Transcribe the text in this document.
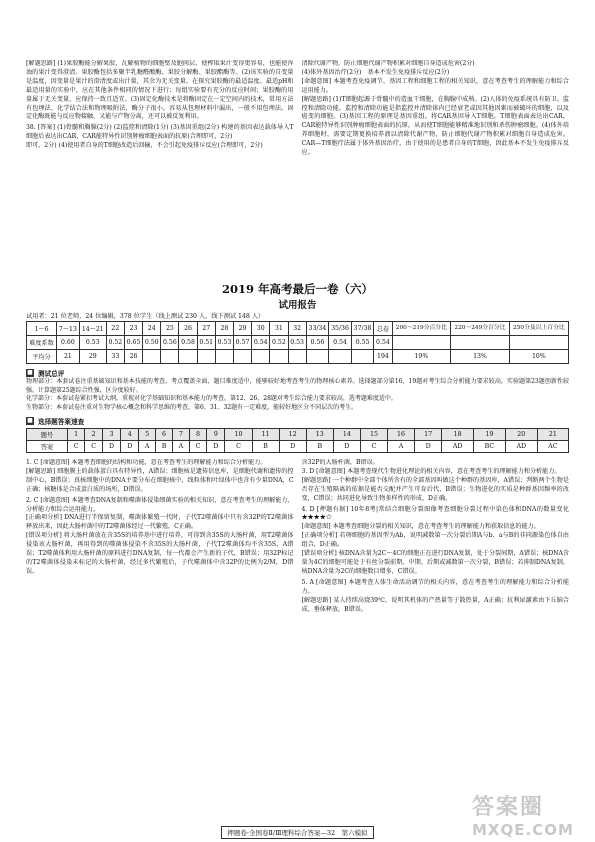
[解题思路] (1)果胶酶能分解果胶，瓦解植物的细胞壁及胞间层，使榨取果汁变得更容易，也能使浑浊的果汁变得澄清。果胶酶包括多聚半乳糖醛酸酶、果胶分解酶、果胶酯酶等。(2)该实验的自变量是温度，因变量是果汁的澄清度或出汁量，其余为无关变量。在探究果胶酶的最适温度、最适pH和最适用量的实验中，应在其他条件相同的情况下进行；每组实验要有充分的反应时间；果胶酶的用量属于无关变量，应保持一致且适宜。(3)固定化酶技术是将酶固定在一定空间内的技术，常用方法有包埋法、化学结合法和物理吸附法，酶分子很小，容易从包埋材料中漏出，一般不用包埋法。固定化酶既能与反应物接触，又能与产物分离，还可以被反复利用。

38. [答案] (1)骨髓和胸腺(2分) (2)监控和清除(1分) (3)基因重组(2分) 构建的基因表达载体导入T细胞后表达出CAR，CAR能特异性识别肿瘤细胞表面的抗原(合理即可，2分)

即可，2分) (4)使用者自身的T细胞改造后回输，不会引起免疫排斥反应(合理即可，2分)

清除代谢产物，防止细胞代谢产物积累对细胞自身造成危害(2分)

(4)体外基因治疗(2分)　基本不发生免疫排斥反应(2分)

[命题意图] 本题考查免疫调节、基因工程和细胞工程的相关知识，意在考查考生的理解能力和综合运用能力。

[解题思路] (1)T细胞起源于骨髓中的造血干细胞，在胸腺中成熟。(2)人体的免疫系统具有防卫、监控和清除功能，监控和清除功能是指监控并清除体内已经衰老或因其他因素而被破坏的细胞，以及癌变的细胞。(3)基因工程的原理是基因重组。将CAR基因导入T细胞，T细胞表面表达出CAR，CAR能特异性识别肿瘤细胞表面的抗原，从而使T细胞能够精准地识别和杀伤肿瘤细胞。(4)体外培养细胞时，需要定期更换培养液以清除代谢产物，防止细胞代谢产物积累对细胞自身造成危害。CAR—T细胞疗法属于体外基因治疗，由于使用的是患者自身的T细胞，因此基本不发生免疫排斥反应。

2019 年高考最后一卷（六）
试用报告
试用者：21 位老师，24 位编辑，378 位学生（线上测试 230 人，线下测试 148 人）
1～6	7～13	14～21	22	23	24	25	26	27	28	29	30	31	32	33/34	35/36	37/38	总卷	200～219分百分比	220～249分百分比	250分及以上百分比
难度系数	0.60	0.53	0.52	0.65	0.50	0.56	0.58	0.51	0.53	0.57	0.54	0.52	0.53	0.56	0.54	0.55	0.54			
平均分	21	29	33	26													194	19%	13%	10%
■ 测试总评

物理部分：本套试卷注重基础知识和基本技能的考查，考点覆盖全面，题目难度适中，能够较好地考查考生的物理核心素养。选择题部分第16、19题对考生综合分析能力要求较高，实验题第23题创新性较强，计算题第25题综合性强，区分度较好。

化学部分：本套试卷紧扣考试大纲，重视对化学基础知识和基本能力的考查。第12、26、28题对考生综合能力要求较高，选考题难度适中。

生物部分：本套试卷注重对生物学核心概念和科学思维的考查，第6、31、32题有一定难度，能较好地区分不同层次的考生。

■ 选择题答案速查
题号	1	2	3	4	5	6	7	8	9	10	11	12	13	14	15	16	17	18	19	20	21
答案	C	C	D	D	A	B	A	C	D	C	B	D	B	D	C	A	D	AD	BC	AD	AC

1. C [命题意图] 本题考查细胞的结构和功能，意在考查考生的理解能力和综合分析能力。

[解题思路] 细胞膜上的载体蛋白具有特异性，A错误；细胞核是遗传信息库，是细胞代谢和遗传的控制中心，B错误；真核细胞中的DNA主要分布在细胞核中，线粒体和叶绿体中也含有少量DNA，C正确；核糖体是合成蛋白质的场所，D错误。

2. C [命题意图] 本题考查DNA复制和噬菌体侵染细菌实验的相关知识，意在考查考生的理解能力、分析能力和综合运用能力。

[正确项分析] DNA进行半保留复制，噬菌体繁殖一代时，子代T2噬菌体中只有含32P的T2噬菌体释放出来，因此大肠杆菌中的T2噬菌体经过一代繁殖，C正确。

[错误项分析] 将大肠杆菌放在含35S的培养基中进行培养，可得到含35S的大肠杆菌，用T2噬菌体侵染该大肠杆菌，再用得到的噬菌体侵染不含35S的大肠杆菌，子代T2噬菌体均不含35S，A错误；T2噬菌体利用大肠杆菌的原料进行DNA复制，每一代都会产生新的子代，B错误；用32P标记的T2噬菌体侵染未标记的大肠杆菌，经过多代繁殖后，子代噬菌体中含32P的比例为2/M，D错误。

含32P的大肠杆菌，B错误。

3. D [命题意图] 本题考查现代生物进化理论的相关内容，意在考查考生的理解能力和分析能力。

[解题思路] 一个种群中全部个体所含有的全部基因叫做这个种群的基因库，A错误；判断两个生物是否存在生殖隔离的依据是能否交配并产生可育后代，B错误；生物进化的实质是种群基因频率的改变，C错误；共同进化导致生物多样性的形成，D正确。

4. D [押题有据] 10年8考|常结合细胞分裂图像考查细胞分裂过程中染色体和DNA的数量变化 ★★★★☆

[命题意图] 本题考查细胞分裂的相关知识，意在考查考生的理解能力和获取信息的能力。

[正确项分析] 若卵细胞的基因型为Ab，说明减数第一次分裂后期A与b、a与B的非同源染色体自由组合，D正确。

[错误项分析] 核DNA含量为2C～4C的细胞正在进行DNA复制，处于分裂间期，A错误；核DNA含量为4C的细胞可能处于有丝分裂前期、中期、后期或减数第一次分裂，B错误；若抑制DNA复制，核DNA含量为2C的细胞数目增多，C错误。

5. A [命题意图] 本题考查人体生命活动调节的相关内容，意在考查考生的理解能力和综合分析能力。

[解题思路] 某人持续高烧39℃，说明其机体的产热量等于散热量，A正确；抗利尿激素由下丘脑合成、垂体释放，B错误。

答案圈
MXQE.COM
押题卷·全国卷Ⅱ/Ⅲ理科综合答案—32　第六模拟
